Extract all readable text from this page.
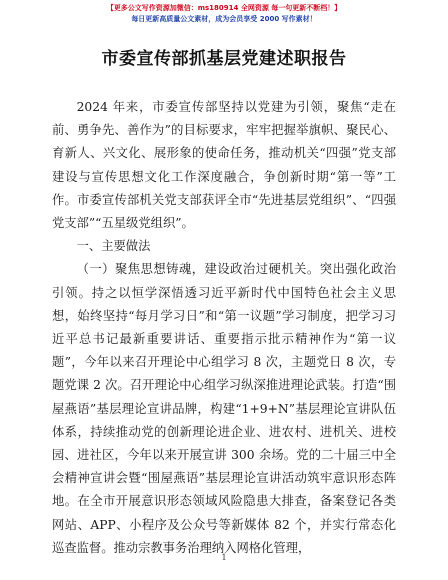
【更多公文写作资源加微信：ms180914 全网资源 每一句更新不断档！】
每日更新高质量公文素材，成为会员享受 2000 写作素材！
市委宣传部抓基层党建述职报告

2024 年来，市委宣传部坚持以党建为引领，聚焦“走在前、勇争先、善作为”的目标要求，牢牢把握举旗帜、聚民心、育新人、兴文化、展形象的使命任务，推动机关“四强”党支部建设与宣传思想文化工作深度融合，争创新时期“第一等”工作。市委宣传部机关党支部获评全市“先进基层党组织”、“四强党支部”“五星级党组织”。

一、主要做法

（一）聚焦思想铸魂，建设政治过硬机关。突出强化政治引领。持之以恒学深悟透习近平新时代中国特色社会主义思想，始终坚持“每月学习日”和“第一议题”学习制度，把学习习近平总书记最新重要讲话、重要指示批示精神作为“第一议题”，今年以来召开理论中心组学习 8 次，主题党日 8 次，专题党课 2 次。召开理论中心组学习纵深推进理论武装。打造“围屋燕语”基层理论宣讲品牌，构建“1+9+N”基层理论宣讲队伍体系，持续推动党的创新理论进企业、进农村、进机关、进校园、进社区，今年以来开展宣讲 300 余场。党的二十届三中全会精神宣讲会暨“围屋燕语”基层理论宣讲活动筑牢意识形态阵地。在全市开展意识形态领域风险隐患大排查，备案登记各类网站、APP、小程序及公众号等新媒体 82 个，并实行常态化巡查监督。推动宗教事务治理纳入网格化管理，

1
